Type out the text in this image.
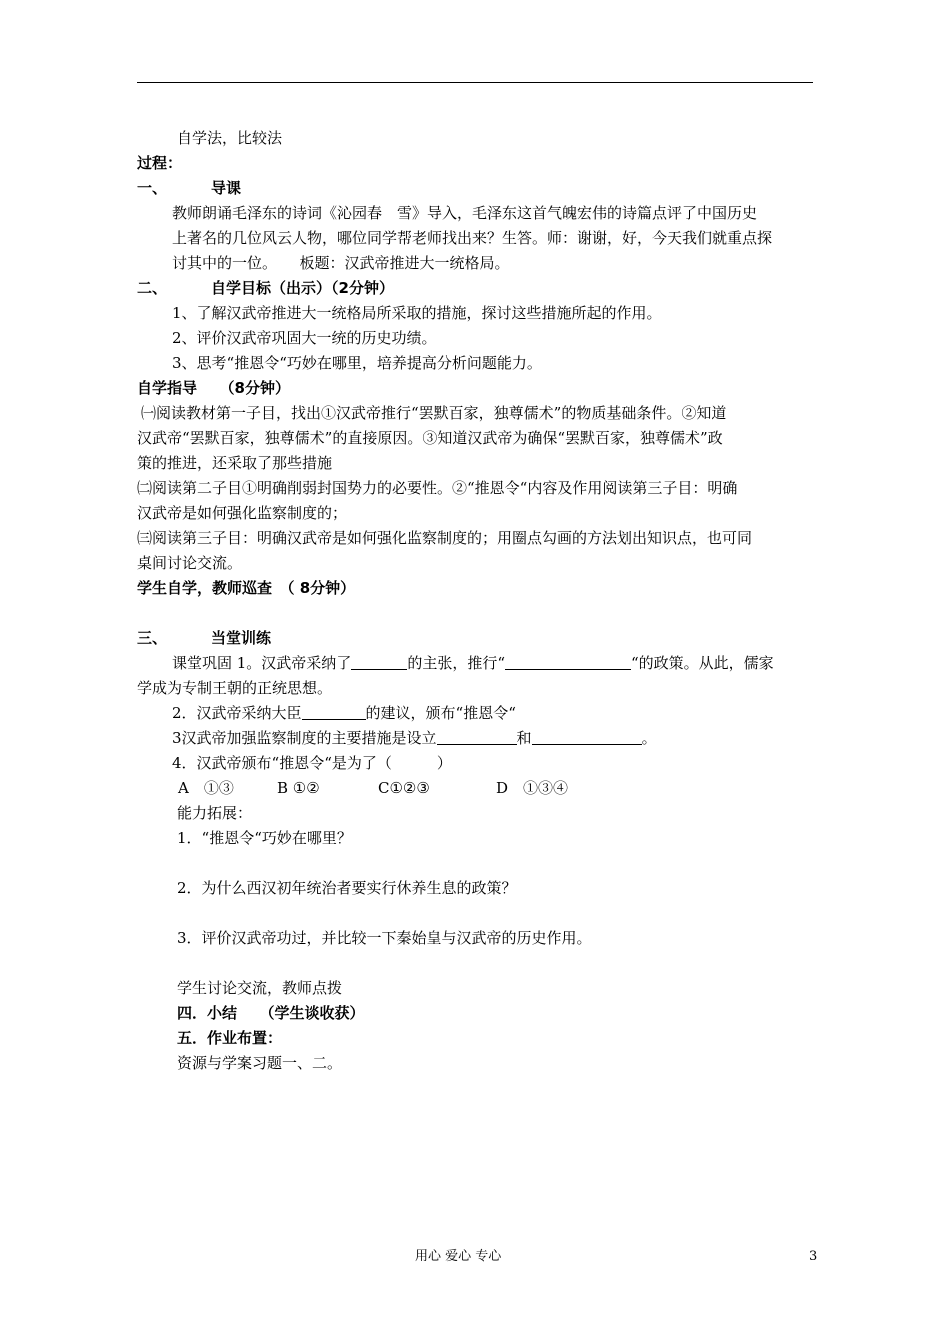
自学法，比较法
过程：
一、	导课
教师朗诵毛泽东的诗词《沁园春　雪》导入，毛泽东这首气魄宏伟的诗篇点评了中国历史
上著名的几位风云人物，哪位同学帮老师找出来？生答。师：谢谢，好，今天我们就重点探
讨其中的一位。　　板题：汉武帝推进大一统格局。
二、	自学目标（出示）（2分钟）
1、了解汉武帝推进大一统格局所采取的措施，探讨这些措施所起的作用。
2、评价汉武帝巩固大一统的历史功绩。
3、思考“推恩令“巧妙在哪里，培养提高分析问题能力。
自学指导　　（8分钟）
㈠阅读教材第一子目，找出①汉武帝推行“罢默百家，独尊儒术”的物质基础条件。②知道
汉武帝“罢默百家，独尊儒术”的直接原因。③知道汉武帝为确保“罢默百家，独尊儒术”政
策的推进，还采取了那些措施
㈡阅读第二子目①明确削弱封国势力的必要性。②“推恩令“内容及作用阅读第三子目：明确
汉武帝是如何强化监察制度的；
㈢阅读第三子目：明确汉武帝是如何强化监察制度的；用圈点勾画的方法划出知识点，也可同
桌间讨论交流。
学生自学，教师巡查　（ 8分钟）
三、	当堂训练
课堂巩固 1。汉武帝采纳了	的主张，推行“	“的政策。从此，儒家
学成为专制王朝的正统思想。
2．汉武帝采纳大臣	的建议，颁布“推恩令“
3汉武帝加强监察制度的主要措施是设立	和	。
4．汉武帝颁布“推恩令“是为了（　　　）
A　①③	B ①②	C①②③	D　①③④
能力拓展：
1．“推恩令“巧妙在哪里？
2．为什么西汉初年统治者要实行休养生息的政策？
3．评价汉武帝功过，并比较一下秦始皇与汉武帝的历史作用。
学生讨论交流，教师点拨
四．小结　　（学生谈收获）
五．作业布置：
资源与学案习题一、二。
用心 爱心 专心	3
